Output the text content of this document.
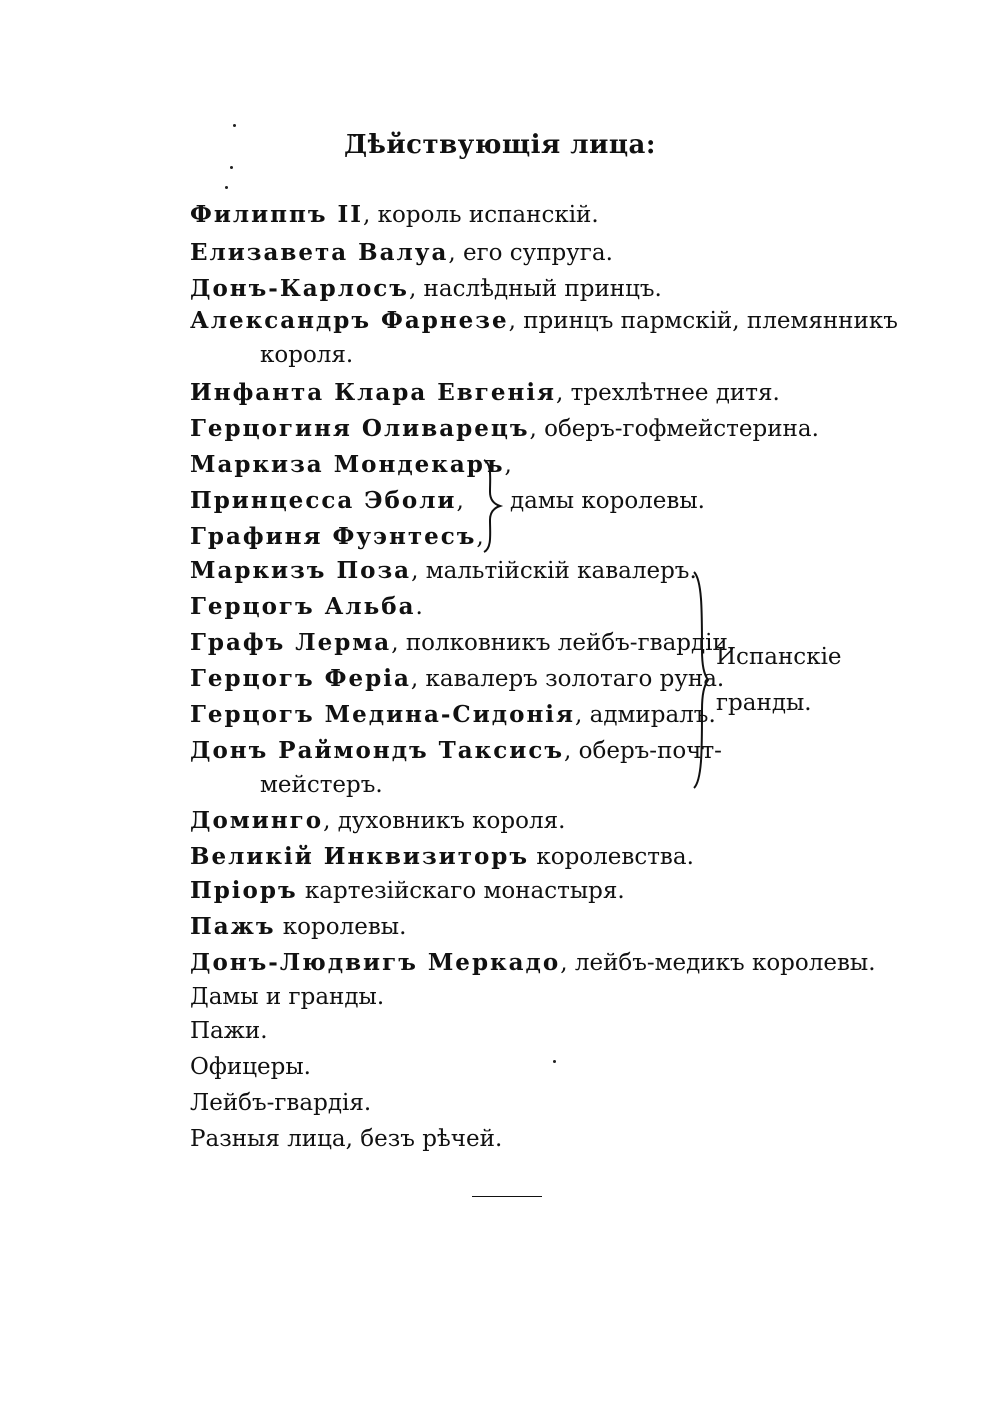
Дѣйствующія лица:
Филиппъ II, король испанскій.
Елизавета Валуа, его супруга.
Донъ-Карлосъ, наслѣдный принцъ.
Александръ Фарнезе, принцъ пармскій, племянникъ
короля.
Инфанта Клара Евгенія, трехлѣтнее дитя.
Герцогиня Оливарецъ, оберъ-гофмейстерина.
Маркиза Мондекаръ,
Принцесса Эболи,
Графиня Фуэнтесъ,
Маркизъ Поза, мальтійскій кавалеръ.
Герцогъ Альба.
Графъ Лерма, полковникъ лейбъ-гвардіи.
Герцогъ Феріа, кавалеръ золотаго руна.
Герцогъ Медина-Сидонія, адмиралъ.
Донъ Раймондъ Таксисъ, оберъ-почт-
мейстеръ.
Доминго, духовникъ короля.
Великій Инквизиторъ королевства.
Пріоръ картезійскаго монастыря.
Пажъ королевы.
Донъ-Людвигъ Меркадо, лейбъ-медикъ королевы.
Дамы и гранды.
Пажи.
Офицеры.
Лейбъ-гвардія.
Разныя лица, безъ рѣчей.
дамы королевы.
Испанскіе
гранды.
